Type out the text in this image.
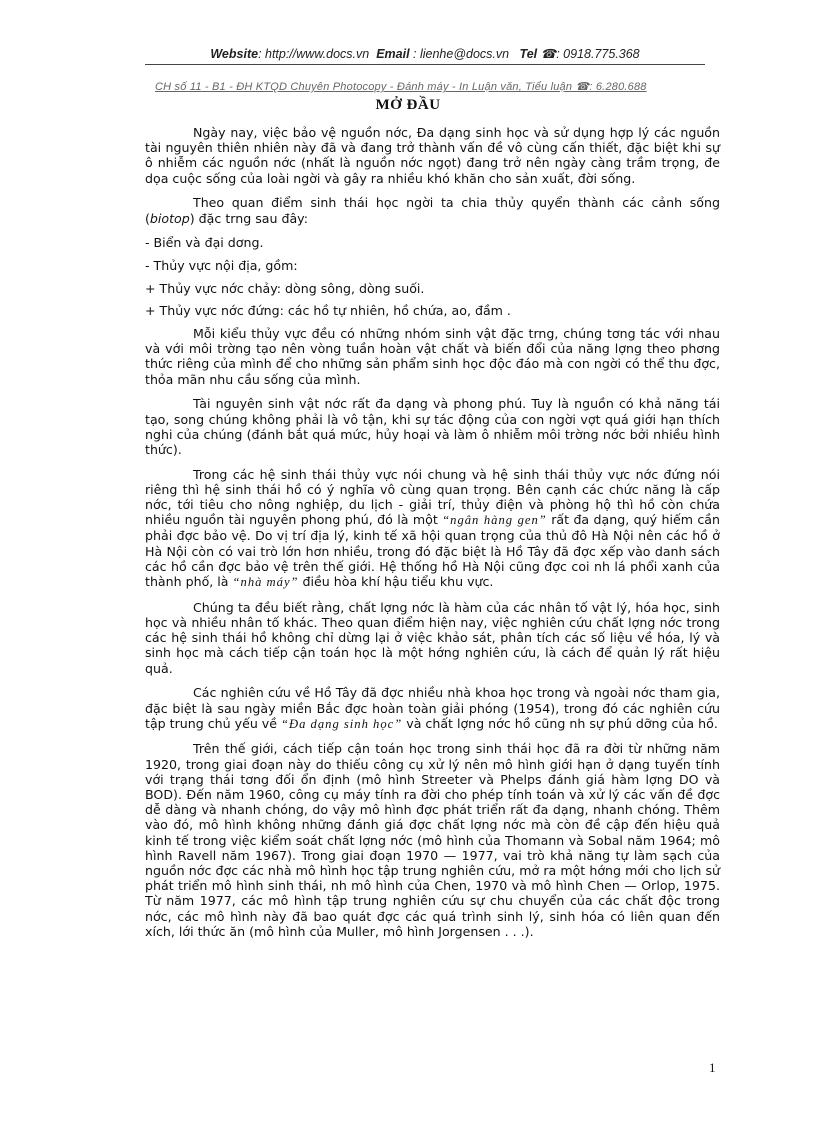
Website: http://www.docs.vn Email : lienhe@docs.vn Tel ☎: 0918.775.368
CH số 11 - B1 - ĐH KTQD Chuyên Photocopy - Đánh máy - In Luận văn, Tiểu luận ☎: 6.280.688
MỞ ĐẦU

Ngày nay, việc bảo vệ nguồn nớc, Đa dạng sinh học và sử dụng hợp lý các nguồn tài nguyên thiên nhiên này đã và đang trở thành vấn đề vô cùng cấn thiết, đặc biệt khi sự ô nhiễm các nguồn nớc (nhất là nguồn nớc ngọt) đang trở nên ngày càng trầm trọng, đe dọa cuộc sống của loài ngời và gây ra nhiều khó khăn cho sản xuất, đời sống.

Theo quan điểm sinh thái học ngời ta chia thủy quyển thành các cảnh sống (biotop) đặc trng sau đây:

- Biển và đại dơng.

- Thủy vực nội địa, gồm:

+ Thủy vực nớc chảy: dòng sông, dòng suối.

+ Thủy vực nớc đứng: các hồ tự nhiên, hồ chứa, ao, đầm .

Mỗi kiểu thủy vực đều có những nhóm sinh vật đặc trng, chúng tơng tác với nhau và với môi trờng tạo nên vòng tuần hoàn vật chất và biến đổi của năng lợng theo phơng thức riêng của mình để cho những sản phẩm sinh học độc đáo mà con ngời có thể thu đợc, thỏa mãn nhu cầu sống của mình.

Tài nguyên sinh vật nớc rất đa dạng và phong phú. Tuy là nguồn có khả năng tái tạo, song chúng không phải là vô tận, khi sự tác động của con ngời vợt quá giới hạn thích nghi của chúng (đánh bắt quá mức, hủy hoại và làm ô nhiễm môi trờng nớc bởi nhiều hình thức).

Trong các hệ sinh thái thủy vực nói chung và hệ sinh thái thủy vực nớc đứng nói riêng thì hệ sinh thái hồ có ý nghĩa vô cùng quan trọng. Bên cạnh các chức năng là cấp nớc, tới tiêu cho nông nghiệp, du lịch - giải trí, thủy điện và phòng hộ thì hồ còn chứa nhiều nguồn tài nguyên phong phú, đó là một “ngân hàng gen” rất đa dạng, quý hiếm cần phải đợc bảo vệ. Do vị trí địa lý, kinh tế xã hội quan trọng của thủ đô Hà Nội nên các hồ ở Hà Nội còn có vai trò lớn hơn nhiều, trong đó đặc biệt là Hồ Tây đã đợc xếp vào danh sách các hồ cần đợc bảo vệ trên thế giới. Hệ thống hồ Hà Nội cũng đợc coi nh lá phổi xanh của thành phố, là “nhà máy” điều hòa khí hậu tiểu khu vực.

Chúng ta đều biết rằng, chất lợng nớc là hàm của các nhân tố vật lý, hóa học, sinh học và nhiều nhân tố khác. Theo quan điểm hiện nay, việc nghiên cứu chất lợng nớc trong các hệ sinh thái hồ không chỉ dừng lại ở việc khảo sát, phân tích các số liệu về hóa, lý và sinh học mà cách tiếp cận toán học là một hớng nghiên cứu, là cách để quản lý rất hiệu quả.

Các nghiên cứu về Hồ Tây đã đợc nhiều nhà khoa học trong và ngoài nớc tham gia, đặc biệt là sau ngày miền Bắc đợc hoàn toàn giải phóng (1954), trong đó các nghiên cứu tập trung chủ yếu về “Đa dạng sinh học” và chất lợng nớc hồ cũng nh sự phú dỡng của hồ.

Trên thế giới, cách tiếp cận toán học trong sinh thái học đã ra đời từ những năm 1920, trong giai đoạn này do thiếu công cụ xử lý nên mô hình giới hạn ở dạng tuyến tính với trạng thái tơng đối ổn định (mô hình Streeter và Phelps đánh giá hàm lợng DO và BOD). Đến năm 1960, công cụ máy tính ra đời cho phép tính toán và xử lý các vấn đề đợc dễ dàng và nhanh chóng, do vậy mô hình đợc phát triển rất đa dạng, nhanh chóng. Thêm vào đó, mô hình không những đánh giá đợc chất lợng nớc mà còn đề cập đến hiệu quả kinh tế trong việc kiểm soát chất lợng nớc (mô hình của Thomann và Sobal năm 1964; mô hình Ravell năm 1967). Trong giai đoạn 1970 — 1977, vai trò khả năng tự làm sạch của nguồn nớc đợc các nhà mô hình học tập trung nghiên cứu, mở ra một hớng mới cho lịch sử phát triển mô hình sinh thái, nh mô hình của Chen, 1970 và mô hình Chen — Orlop, 1975. Từ năm 1977, các mô hình tập trung nghiên cứu sự chu chuyển của các chất độc trong nớc, các mô hình này đã bao quát đợc các quá trình sinh lý, sinh hóa có liên quan đến xích, lới thức ăn (mô hình của Muller, mô hình Jorgensen . . .).

1
